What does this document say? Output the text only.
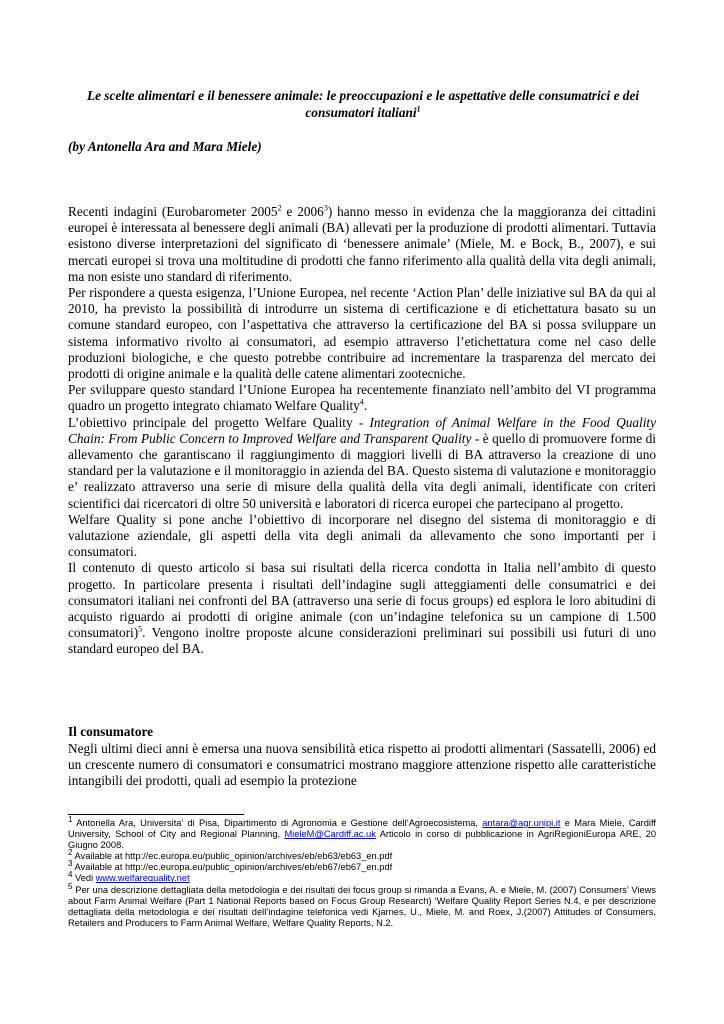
Le scelte alimentari e il benessere animale: le preoccupazioni e le aspettative delle consumatrici e dei consumatori italiani$^1$
(by Antonella Ara and Mara Miele)

Recenti indagini (Eurobarometer 2005$^2$ e 2006$^3$) hanno messo in evidenza che la maggioranza dei cittadini europei è interessata al benessere degli animali (BA) allevati per la produzione di prodotti alimentari. Tuttavia esistono diverse interpretazioni del significato di ‘benessere animale’ (Miele, M. e Bock, B., 2007), e sui mercati europei si trova una moltitudine di prodotti che fanno riferimento alla qualità della vita degli animali, ma non esiste uno standard di riferimento.

Per rispondere a questa esigenza, l’Unione Europea, nel recente ‘Action Plan’ delle iniziative sul BA da qui al 2010, ha previsto la possibilità di introdurre un sistema di certificazione e di etichettatura basato su un comune standard europeo, con l’aspettativa che attraverso la certificazione del BA si possa sviluppare un sistema informativo rivolto ai consumatori, ad esempio attraverso l’etichettatura come nel caso delle produzioni biologiche, e che questo potrebbe contribuire ad incrementare la trasparenza del mercato dei prodotti di origine animale e la qualità delle catene alimentari zootecniche.

Per sviluppare questo standard l’Unione Europea ha recentemente finanziato nell’ambito del VI programma quadro un progetto integrato chiamato Welfare Quality$^4$.

L’obiettivo principale del progetto Welfare Quality - Integration of Animal Welfare in the Food Quality Chain: From Public Concern to Improved Welfare and Transparent Quality - è quello di promuovere forme di allevamento che garantiscano il raggiungimento di maggiori livelli di BA attraverso la creazione di uno standard per la valutazione e il monitoraggio in azienda del BA. Questo sistema di valutazione e monitoraggio e’ realizzato attraverso una serie di misure della qualità della vita degli animali, identificate con criteri scientifici dai ricercatori di oltre 50 università e laboratori di ricerca europei che partecipano al progetto.

Welfare Quality si pone anche l’obiettivo di incorporare nel disegno del sistema di monitoraggio e di valutazione aziendale, gli aspetti della vita degli animali da allevamento che sono importanti per i consumatori.

Il contenuto di questo articolo si basa sui risultati della ricerca condotta in Italia nell’ambito di questo progetto. In particolare presenta i risultati dell’indagine sugli atteggiamenti delle consumatrici e dei consumatori italiani nei confronti del BA (attraverso una serie di focus groups) ed esplora le loro abitudini di acquisto riguardo ai prodotti di origine animale (con un’indagine telefonica su un campione di 1.500 consumatori)$^5$. Vengono inoltre proposte alcune considerazioni preliminari sui possibili usi futuri di uno standard europeo del BA.

Il consumatore
Negli ultimi dieci anni è emersa una nuova sensibilità etica rispetto ai prodotti alimentari (Sassatelli, 2006) ed un crescente numero di consumatori e consumatrici mostrano maggiore attenzione rispetto alle caratteristiche intangibili dei prodotti, quali ad esempio la protezione

$^1$ Antonella Ara, Universita’ di Pisa, Dipartimento di Agronomia e Gestione dell’Agroecosistema, antara@agr.unipi.it e Mara Miele, Cardiff University, School of City and Regional Planning, MieleM@Cardiff.ac.uk Articolo in corso di pubblicazione in AgriRegioniEuropa ARE, 20 Giugno 2008.

$^2$ Available at http://ec.europa.eu/public_opinion/archives/eb/eb63/eb63_en.pdf

$^3$ Available at http://ec.europa.eu/public_opinion/archives/eb/eb67/eb67_en.pdf

$^4$ Vedi www.welfarequality.net

$^5$ Per una descrizione dettagliata della metodologia e dei risultati dei focus group si rimanda a Evans, A. e Miele, M. (2007) Consumers’ Views about Farm Animal Welfare (Part 1 National Reports based on Focus Group Research) ‘Welfare Quality Report Series N.4, e per descrizione dettagliata della metodologia e dei risultati dell’indagine telefonica vedi Kjarnes, U., Miele, M. and Roex, J.(2007) Attitudes of Consumers, Retailers and Producers to Farm Animal Welfare, Welfare Quality Reports, N.2.
